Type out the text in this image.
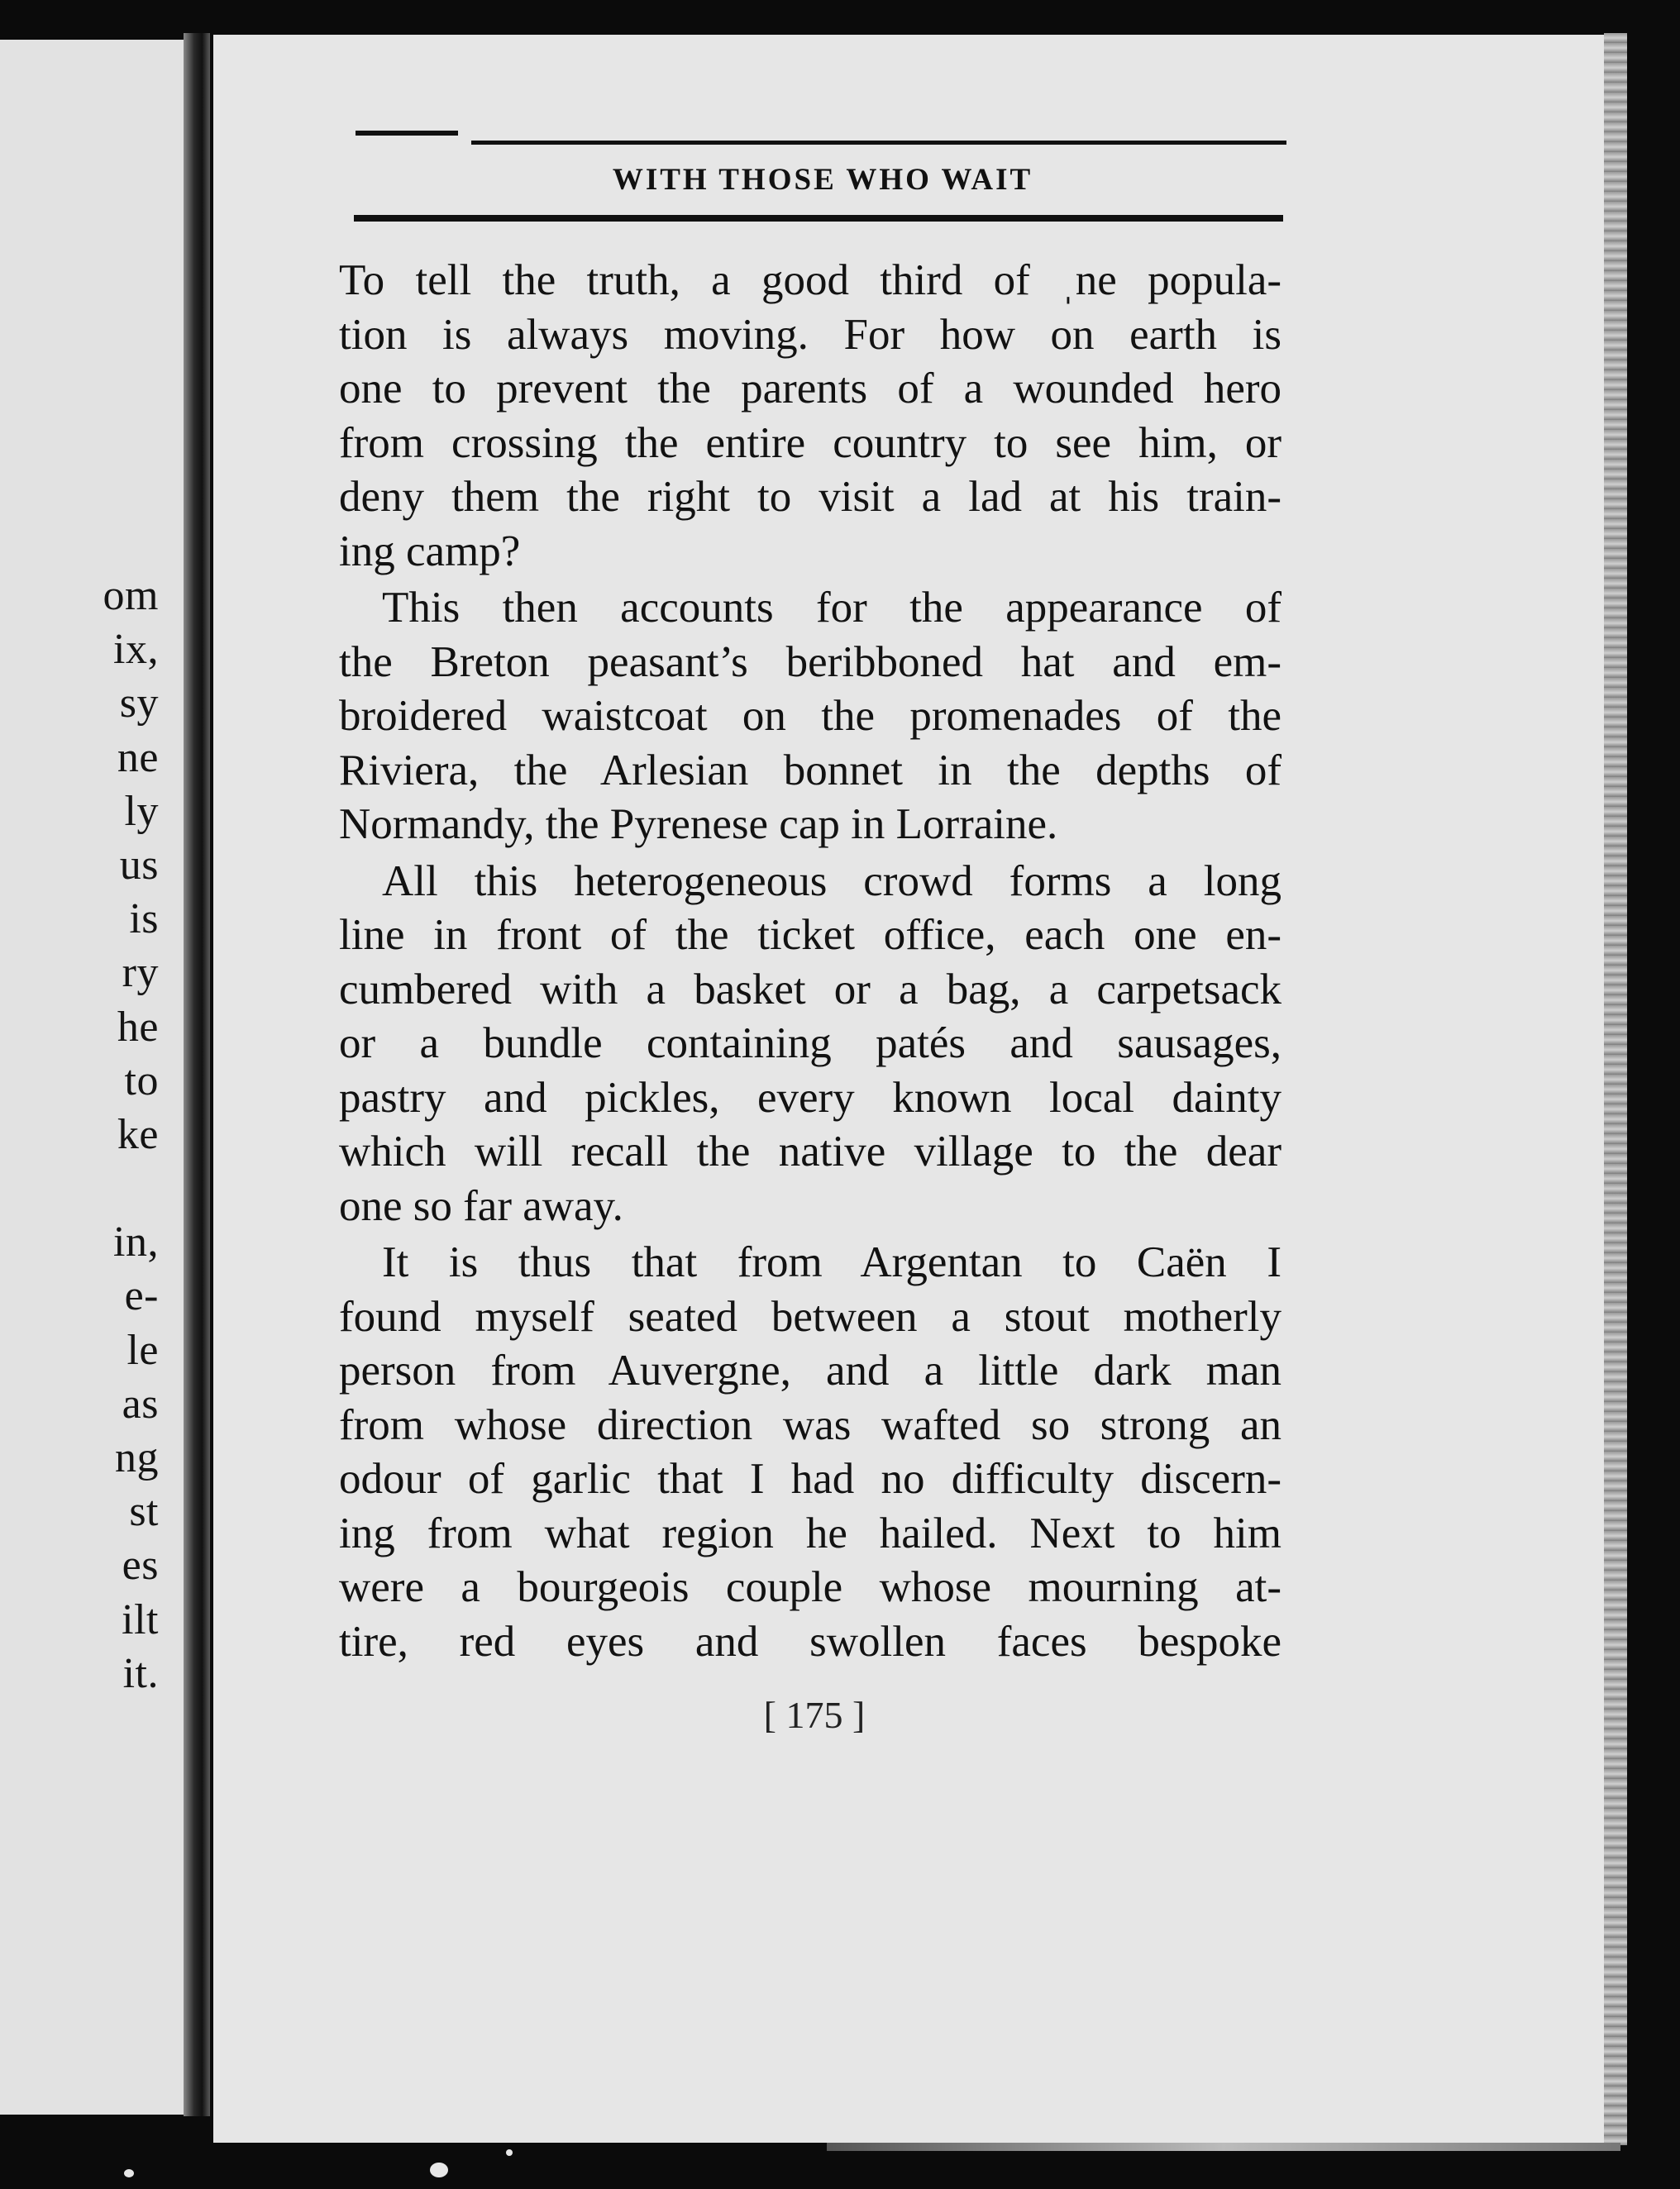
om
ix,
sy
ne
ly
us
is
ry
he
to
ke
in,
e-
le
as
ng
st
es
ilt
it.
WITH THOSE WHO WAIT
To tell the truth, a good third of ˌne popula-
tion is always moving. For how on earth is
one to prevent the parents of a wounded hero
from crossing the entire country to see him, or
deny them the right to visit a lad at his train-
ing camp?
This then accounts for the appearance of
the Breton peasant’s beribboned hat and em-
broidered waistcoat on the promenades of the
Riviera, the Arlesian bonnet in the depths of
Normandy, the Pyrenese cap in Lorraine.
All this heterogeneous crowd forms a long
line in front of the ticket office, each one en-
cumbered with a basket or a bag, a carpetsack
or a bundle containing patés and sausages,
pastry and pickles, every known local dainty
which will recall the native village to the dear
one so far away.
It is thus that from Argentan to Caën I
found myself seated between a stout motherly
person from Auvergne, and a little dark man
from whose direction was wafted so strong an
odour of garlic that I had no difficulty discern-
ing from what region he hailed. Next to him
were a bourgeois couple whose mourning at-
tire, red eyes and swollen faces bespoke
[ 175 ]
